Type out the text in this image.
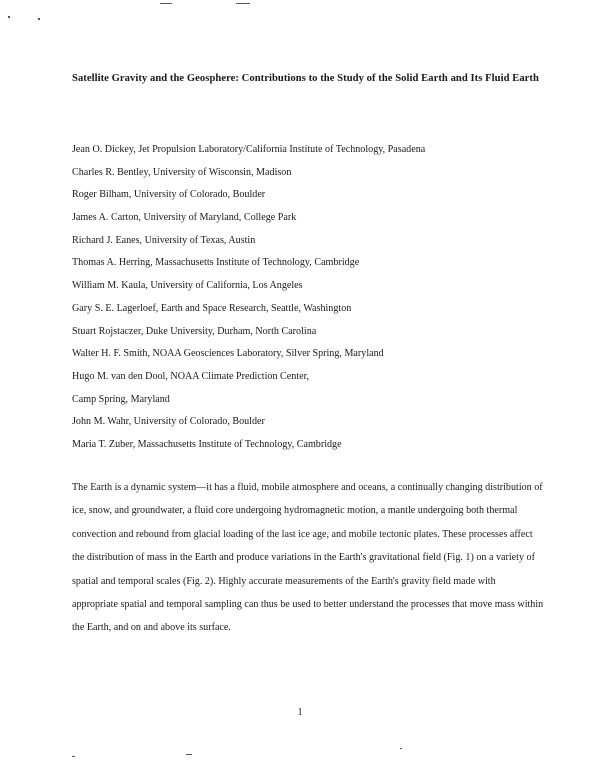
Satellite Gravity and the Geosphere: Contributions to the Study of the Solid Earth and Its Fluid Earth
Jean O. Dickey, Jet Propulsion Laboratory/California Institute of Technology, Pasadena
Charles R. Bentley, University of Wisconsin, Madison
Roger Bilham, University of Colorado, Boulder
James A. Carton, University of Maryland, College Park
Richard J. Eanes, University of Texas, Austin
Thomas A. Herring, Massachusetts Institute of Technology, Cambridge
William M. Kaula, University of California, Los Angeles
Gary S. E. Lagerloef, Earth and Space Research, Seattle, Washington
Stuart Rojstaczer, Duke University, Durham, North Carolina
Walter H. F. Smith, NOAA Geosciences Laboratory, Silver Spring, Maryland
Hugo M. van den Dool, NOAA Climate Prediction Center,
Camp Spring, Maryland
John M. Wahr, University of Colorado, Boulder
Maria T. Zuber, Massachusetts Institute of Technology, Cambridge

The Earth is a dynamic system—it has a fluid, mobile atmosphere and oceans, a continually changing distribution of ice, snow, and groundwater, a fluid core undergoing hydromagnetic motion, a mantle undergoing both thermal convection and rebound from glacial loading of the last ice age, and mobile tectonic plates. These processes affect the distribution of mass in the Earth and produce variations in the Earth's gravitational field (Fig. 1) on a variety of spatial and temporal scales (Fig. 2). Highly accurate measurements of the Earth's gravity field made with appropriate spatial and temporal sampling can thus be used to better understand the processes that move mass within the Earth, and on and above its surface.

1
